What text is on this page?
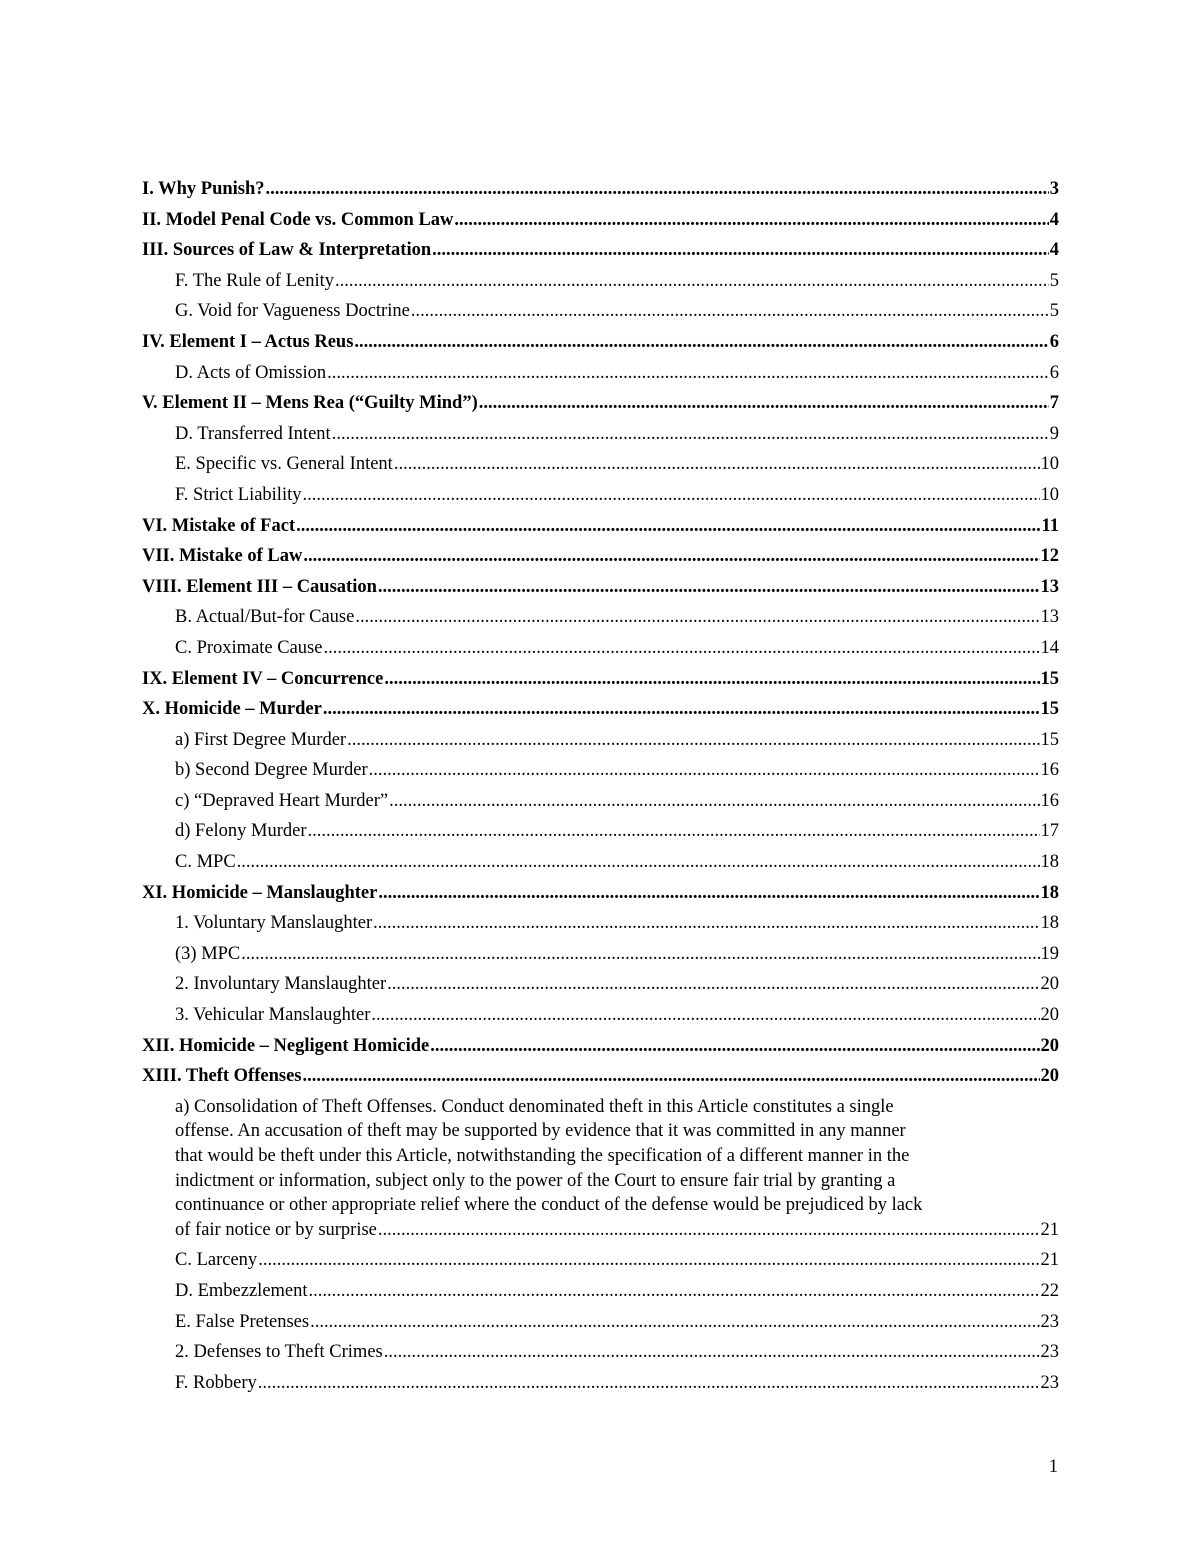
I. Why Punish? .....	3
II. Model Penal Code vs. Common Law .....	4
III. Sources of Law & Interpretation .....	4
F. The Rule of Lenity .....	5
G. Void for Vagueness Doctrine .....	5
IV. Element I – Actus Reus .....	6
D. Acts of Omission .....	6
V. Element II – Mens Rea (“Guilty Mind”) .....	7
D. Transferred Intent .....	9
E. Specific vs. General Intent .....	10
F. Strict Liability .....	10
VI. Mistake of Fact .....	11
VII. Mistake of Law .....	12
VIII. Element III – Causation .....	13
B. Actual/But-for Cause .....	13
C. Proximate Cause .....	14
IX. Element IV – Concurrence .....	15
X. Homicide – Murder .....	15
a) First Degree Murder .....	15
b) Second Degree Murder .....	16
c) “Depraved Heart Murder” .....	16
d) Felony Murder .....	17
C. MPC .....	18
XI. Homicide – Manslaughter .....	18
1. Voluntary Manslaughter .....	18
(3) MPC .....	19
2. Involuntary Manslaughter .....	20
3. Vehicular Manslaughter .....	20
XII. Homicide – Negligent Homicide .....	20
XIII. Theft Offenses .....	20
a) Consolidation of Theft Offenses. Conduct denominated theft in this Article constitutes a single
offense. An accusation of theft may be supported by evidence that it was committed in any manner
that would be theft under this Article, notwithstanding the specification of a different manner in the
indictment or information, subject only to the power of the Court to ensure fair trial by granting a
continuance or other appropriate relief where the conduct of the defense would be prejudiced by lack
of fair notice or by surprise .....	21
C. Larceny .....	21
D. Embezzlement .....	22
E. False Pretenses .....	23
2. Defenses to Theft Crimes .....	23
F. Robbery .....	23
1
